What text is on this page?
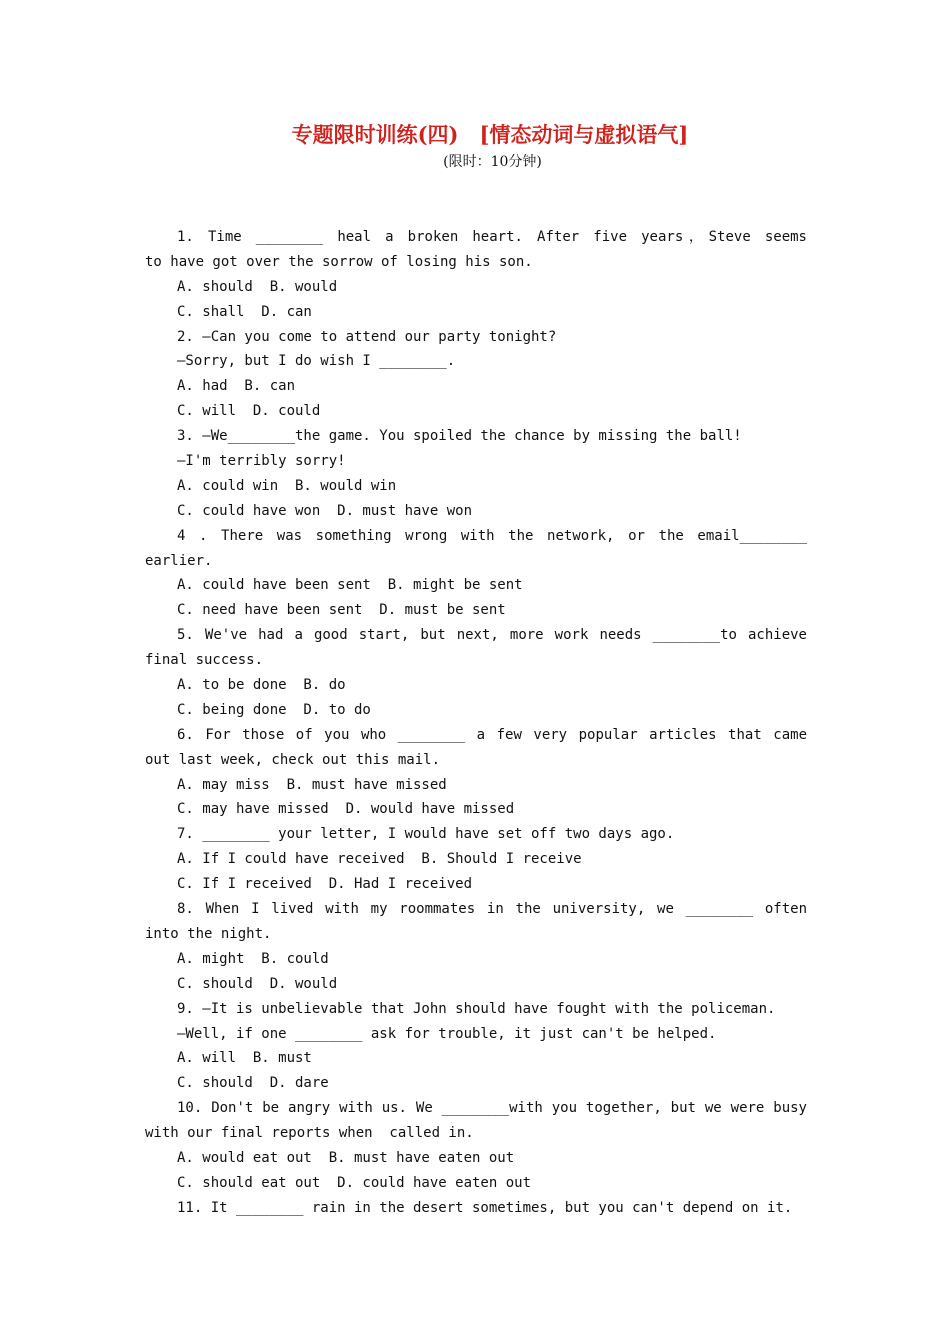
专题限时训练(四)　[情态动词与虚拟语气]
(限时：10分钟)
1. Time ________ heal a broken heart. After five years，Steve seems
to have got over the sorrow of losing his son.
A. should  B. would
C. shall  D. can
2. —Can you come to attend our party tonight?
—Sorry, but I do wish I ________.
A. had  B. can
C. will  D. could
3. —We________the game. You spoiled the chance by missing the ball!
—I'm terribly sorry!
A. could win  B. would win
C. could have won  D. must have won
4 . There was something wrong with the network, or the email________
earlier.
A. could have been sent  B. might be sent
C. need have been sent  D. must be sent
5. We've had a good start, but next, more work needs ________to achieve
final success.
A. to be done  B. do
C. being done  D. to do
6. For those of you who ________ a few very popular articles that came
out last week, check out this mail.
A. may miss  B. must have missed
C. may have missed  D. would have missed
7. ________ your letter, I would have set off two days ago.
A. If I could have received  B. Should I receive
C. If I received  D. Had I received
8. When I lived with my roommates in the university, we ________ often
into the night.
A. might  B. could
C. should  D. would
9. —It is unbelievable that John should have fought with the policeman.
—Well, if one ________ ask for trouble, it just can't be helped.
A. will  B. must
C. should  D. dare
10. Don't be angry with us. We ________with you together, but we were busy
with our final reports when  called in.
A. would eat out  B. must have eaten out
C. should eat out  D. could have eaten out
11. It ________ rain in the desert sometimes, but you can't depend on it.
